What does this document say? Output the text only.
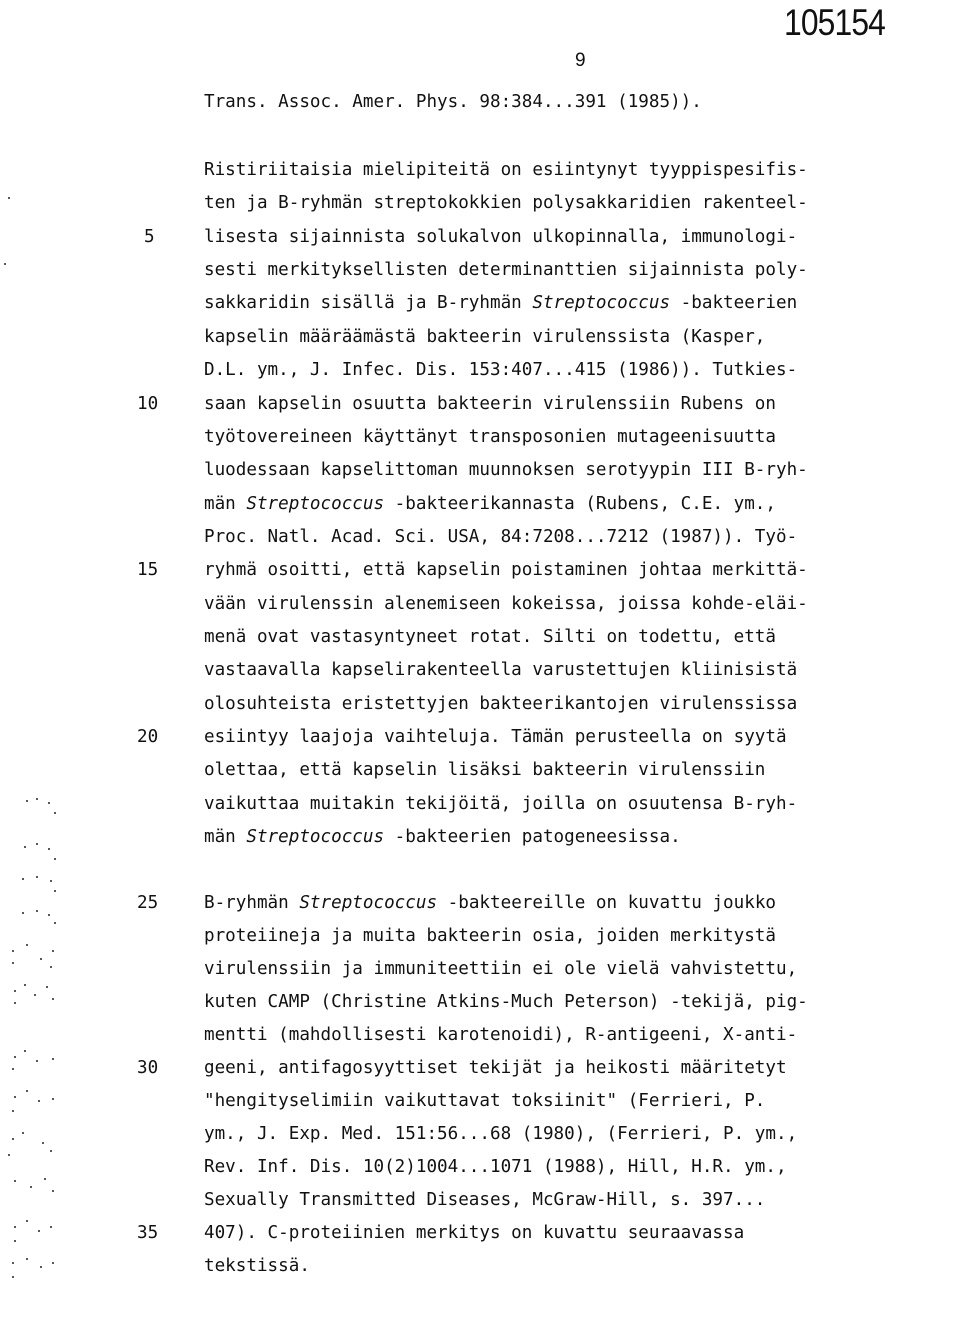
105154
9
Trans. Assoc. Amer. Phys. 98:384...391 (1985)).
Ristiriitaisia mielipiteitä on esiintynyt tyyppispesifis-
ten ja B-ryhmän streptokokkien polysakkaridien rakenteel-
lisesta sijainnista solukalvon ulkopinnalla, immunologi-
sesti merkityksellisten determinanttien sijainnista poly-
sakkaridin sisällä ja B-ryhmän Streptococcus -bakteerien
kapselin määräämästä bakteerin virulenssista (Kasper,
D.L. ym., J. Infec. Dis. 153:407...415 (1986)). Tutkies-
saan kapselin osuutta bakteerin virulenssiin Rubens on
työtovereineen käyttänyt transposonien mutageenisuutta
luodessaan kapselittoman muunnoksen serotyypin III B-ryh-
män Streptococcus -bakteerikannasta (Rubens, C.E. ym.,
Proc. Natl. Acad. Sci. USA, 84:7208...7212 (1987)). Työ-
ryhmä osoitti, että kapselin poistaminen johtaa merkittä-
vään virulenssin alenemiseen kokeissa, joissa kohde-eläi-
menä ovat vastasyntyneet rotat. Silti on todettu, että
vastaavalla kapselirakenteella varustettujen kliinisistä
olosuhteista eristettyjen bakteerikantojen virulenssissa
esiintyy laajoja vaihteluja. Tämän perusteella on syytä
olettaa, että kapselin lisäksi bakteerin virulenssiin
vaikuttaa muitakin tekijöitä, joilla on osuutensa B-ryh-
män Streptococcus -bakteerien patogeneesissa.
B-ryhmän Streptococcus -bakteereille on kuvattu joukko
proteiineja ja muita bakteerin osia, joiden merkitystä
virulenssiin ja immuniteettiin ei ole vielä vahvistettu,
kuten CAMP (Christine Atkins-Much Peterson) -tekijä, pig-
mentti (mahdollisesti karotenoidi), R-antigeeni, X-anti-
geeni, antifagosyyttiset tekijät ja heikosti määritetyt
"hengityselimiin vaikuttavat toksiinit" (Ferrieri, P.
ym., J. Exp. Med. 151:56...68 (1980), (Ferrieri, P. ym.,
Rev. Inf. Dis. 10(2)1004...1071 (1988), Hill, H.R. ym.,
Sexually Transmitted Diseases, McGraw-Hill, s. 397...
407). C-proteiinien merkitys on kuvattu seuraavassa
tekstissä.
5
10
15
20
25
30
35
